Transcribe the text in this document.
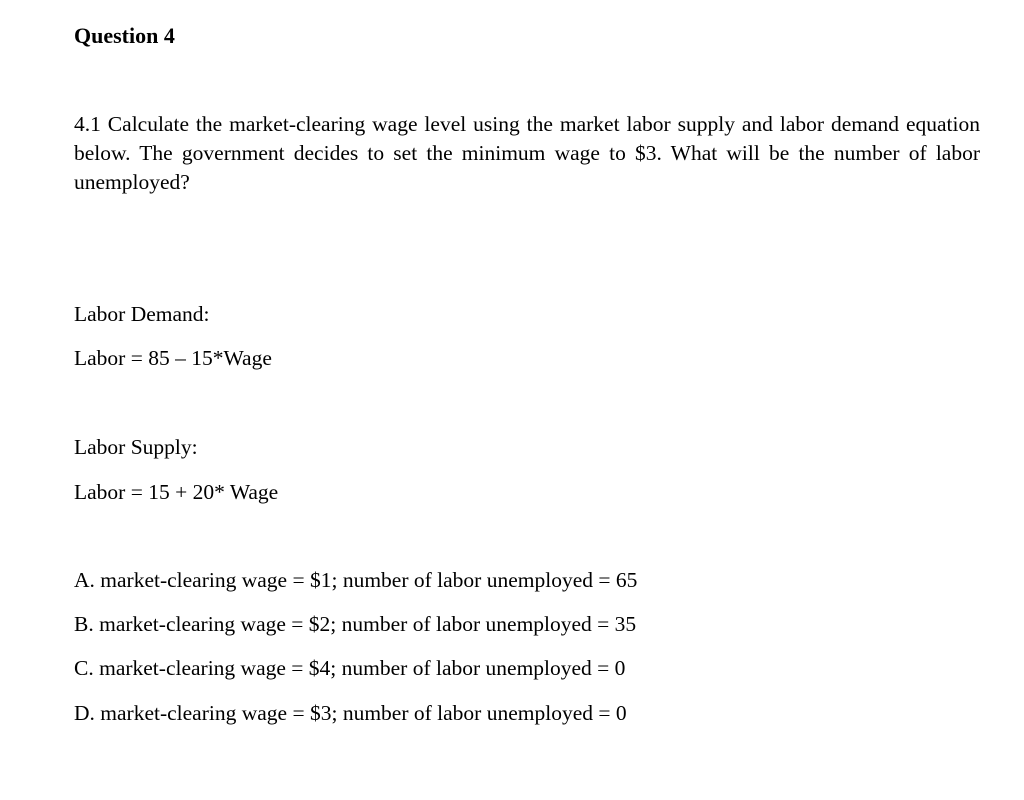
Question 4
4.1 Calculate the market-clearing wage level using the market labor supply and labor demand equation below. The government decides to set the minimum wage to $3. What will be the number of labor unemployed?
Labor Demand:
Labor = 85 – 15*Wage
Labor Supply:
Labor = 15 + 20* Wage
A. market-clearing wage = $1; number of labor unemployed = 65
B. market-clearing wage = $2; number of labor unemployed = 35
C. market-clearing wage = $4; number of labor unemployed = 0
D. market-clearing wage = $3; number of labor unemployed = 0
